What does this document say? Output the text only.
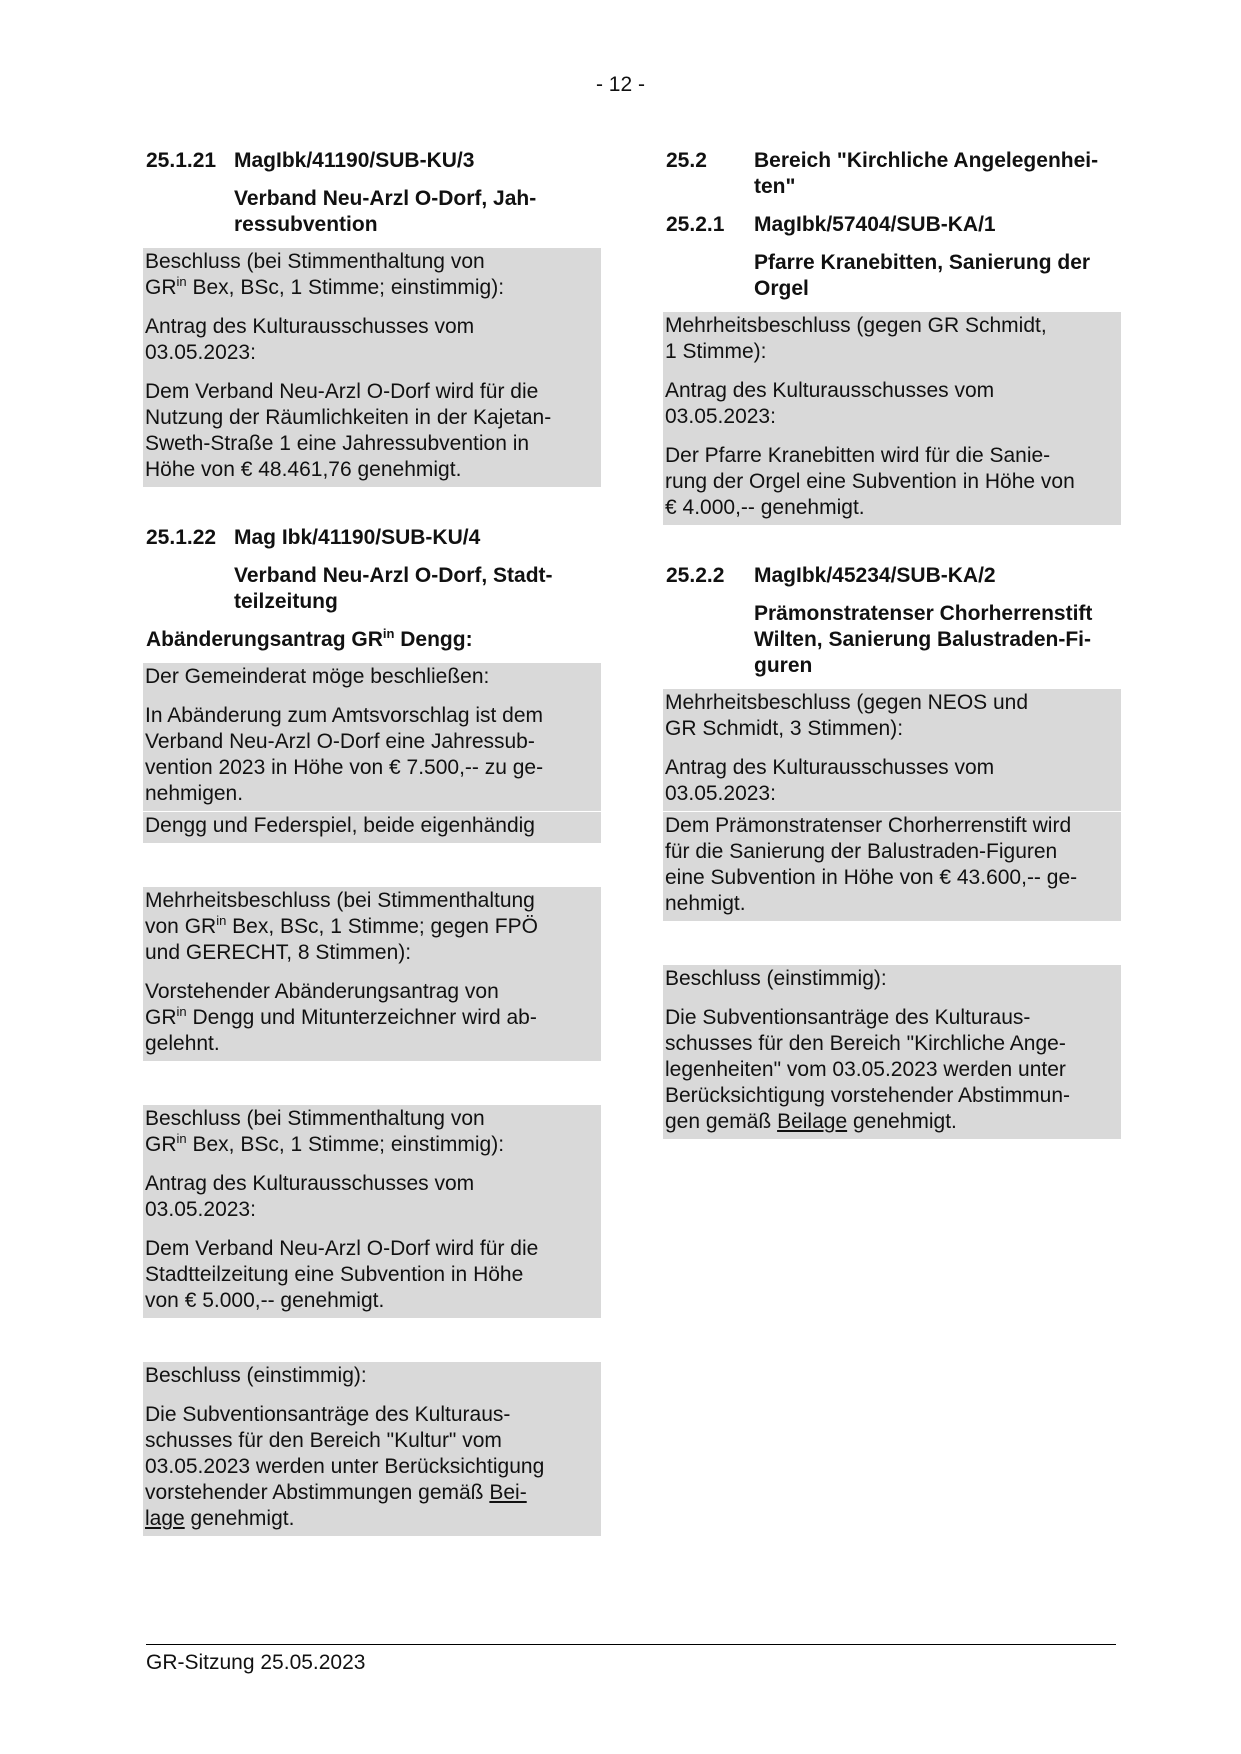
- 12 -
25.1.21 MagIbk/41190/SUB-KU/3
Verband Neu-Arzl O-Dorf, Jah-
ressubvention

Beschluss (bei Stimmenthaltung von
$GR^{in}$ Bex, BSc, 1 Stimme; einstimmig):

Antrag des Kulturausschusses vom
03.05.2023:

Dem Verband Neu-Arzl O-Dorf wird für die
Nutzung der Räumlichkeiten in der Kajetan-
Sweth-Straße 1 eine Jahressubvention in
Höhe von € 48.461,76 genehmigt.

25.1.22 Mag Ibk/41190/SUB-KU/4
Verband Neu-Arzl O-Dorf, Stadt-
teilzeitung
Abänderungsantrag $GR^{in}$ Dengg:

Der Gemeinderat möge beschließen:

In Abänderung zum Amtsvorschlag ist dem
Verband Neu-Arzl O-Dorf eine Jahressub-
vention 2023 in Höhe von € 7.500,-- zu ge-
nehmigen.

Dengg und Federspiel, beide eigenhändig

Mehrheitsbeschluss (bei Stimmenthaltung
von $GR^{in}$ Bex, BSc, 1 Stimme; gegen FPÖ
und GERECHT, 8 Stimmen):

Vorstehender Abänderungsantrag von
$GR^{in}$ Dengg und Mitunterzeichner wird ab-
gelehnt.

Beschluss (bei Stimmenthaltung von
$GR^{in}$ Bex, BSc, 1 Stimme; einstimmig):

Antrag des Kulturausschusses vom
03.05.2023:

Dem Verband Neu-Arzl O-Dorf wird für die
Stadtteilzeitung eine Subvention in Höhe
von € 5.000,-- genehmigt.

Beschluss (einstimmig):

Die Subventionsanträge des Kulturaus-
schusses für den Bereich "Kultur" vom
03.05.2023 werden unter Berücksichtigung
vorstehender Abstimmungen gemäß Bei-
lage genehmigt.

25.2 Bereich "Kirchliche Angelegenhei-
ten"
25.2.1 MagIbk/57404/SUB-KA/1
Pfarre Kranebitten, Sanierung der
Orgel

Mehrheitsbeschluss (gegen GR Schmidt,
1 Stimme):

Antrag des Kulturausschusses vom
03.05.2023:

Der Pfarre Kranebitten wird für die Sanie-
rung der Orgel eine Subvention in Höhe von
€ 4.000,-- genehmigt.

25.2.2 MagIbk/45234/SUB-KA/2
Prämonstratenser Chorherrenstift
Wilten, Sanierung Balustraden-Fi-
guren

Mehrheitsbeschluss (gegen NEOS und
GR Schmidt, 3 Stimmen):

Antrag des Kulturausschusses vom
03.05.2023:

Dem Prämonstratenser Chorherrenstift wird
für die Sanierung der Balustraden-Figuren
eine Subvention in Höhe von € 43.600,-- ge-
nehmigt.

Beschluss (einstimmig):

Die Subventionsanträge des Kulturaus-
schusses für den Bereich "Kirchliche Ange-
legenheiten" vom 03.05.2023 werden unter
Berücksichtigung vorstehender Abstimmun-
gen gemäß Beilage genehmigt.

GR-Sitzung 25.05.2023
